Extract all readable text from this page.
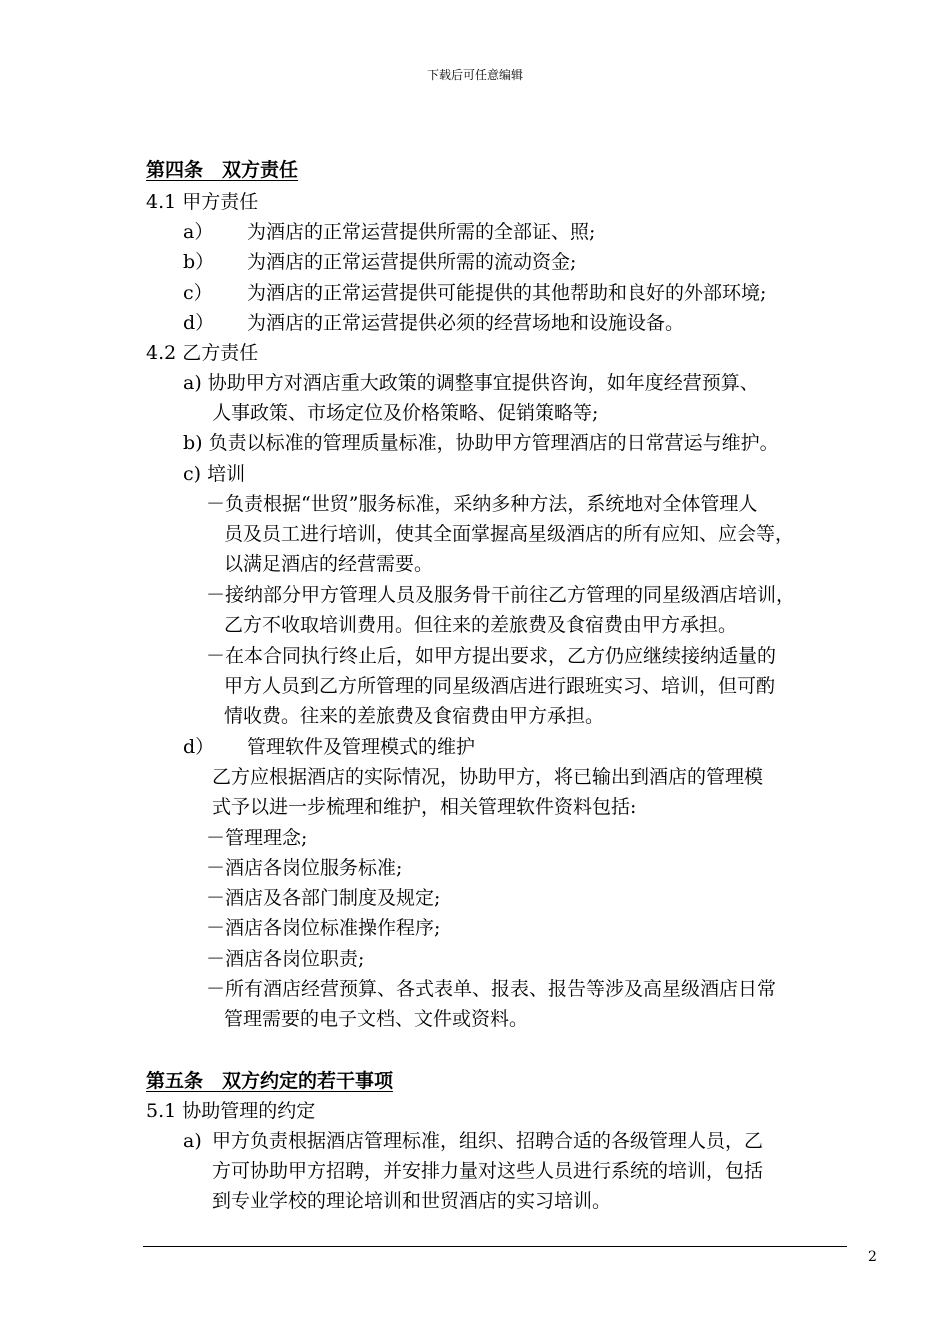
下载后可任意编辑
第四条　双方责任
4.1 甲方责任
a） 为酒店的正常运营提供所需的全部证、照;
b） 为酒店的正常运营提供所需的流动资金;
c） 为酒店的正常运营提供可能提供的其他帮助和良好的外部环境;
d） 为酒店的正常运营提供必须的经营场地和设施设备。
4.2 乙方责任
a) 协助甲方对酒店重大政策的调整事宜提供咨询，如年度经营预算、
人事政策、市场定位及价格策略、促销策略等;
b) 负责以标准的管理质量标准，协助甲方管理酒店的日常营运与维护。
c) 培训
－负责根据“世贸”服务标准，采纳多种方法，系统地对全体管理人
员及员工进行培训，使其全面掌握高星级酒店的所有应知、应会等，
以满足酒店的经营需要。
－接纳部分甲方管理人员及服务骨干前往乙方管理的同星级酒店培训，
乙方不收取培训费用。但往来的差旅费及食宿费由甲方承担。
－在本合同执行终止后，如甲方提出要求，乙方仍应继续接纳适量的
甲方人员到乙方所管理的同星级酒店进行跟班实习、培训，但可酌
情收费。往来的差旅费及食宿费由甲方承担。
d） 管理软件及管理模式的维护
乙方应根据酒店的实际情况，协助甲方，将已输出到酒店的管理模
式予以进一步梳理和维护，相关管理软件资料包括:
－管理理念;
－酒店各岗位服务标准;
－酒店及各部门制度及规定;
－酒店各岗位标准操作程序;
－酒店各岗位职责;
－所有酒店经营预算、各式表单、报表、报告等涉及高星级酒店日常
管理需要的电子文档、文件或资料。
第五条　双方约定的若干事项
5.1 协助管理的约定
a) 甲方负责根据酒店管理标准，组织、招聘合适的各级管理人员，乙
方可协助甲方招聘，并安排力量对这些人员进行系统的培训，包括
到专业学校的理论培训和世贸酒店的实习培训。
2
